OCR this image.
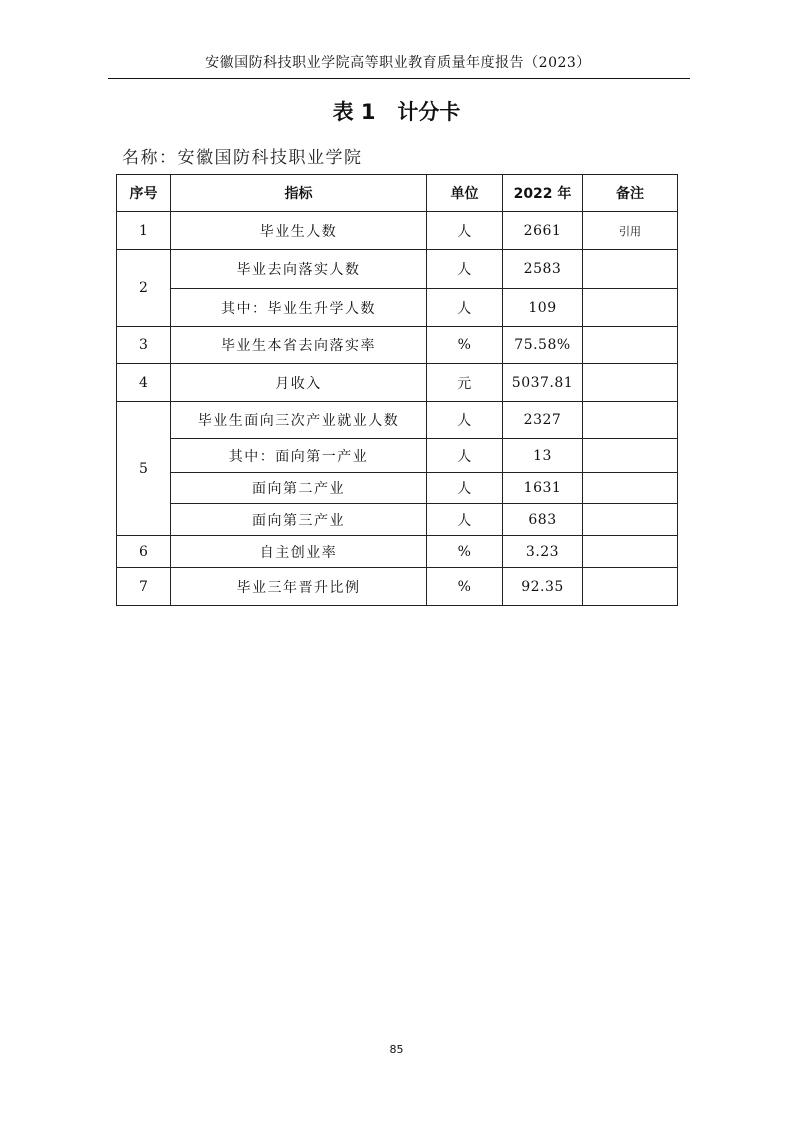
安徽国防科技职业学院高等职业教育质量年度报告（2023）
表 1   计分卡
名称：安徽国防科技职业学院
序号	指标	单位	2022 年	备注
1	毕业生人数	人	2661	引用
2	毕业去向落实人数	人	2583	
	其中：毕业生升学人数	人	109	
3	毕业生本省去向落实率	%	75.58%	
4	月收入	元	5037.81	
5	毕业生面向三次产业就业人数	人	2327	
	其中：面向第一产业	人	13	
	面向第二产业	人	1631	
	面向第三产业	人	683	
6	自主创业率	%	3.23	
7	毕业三年晋升比例	%	92.35	
85
